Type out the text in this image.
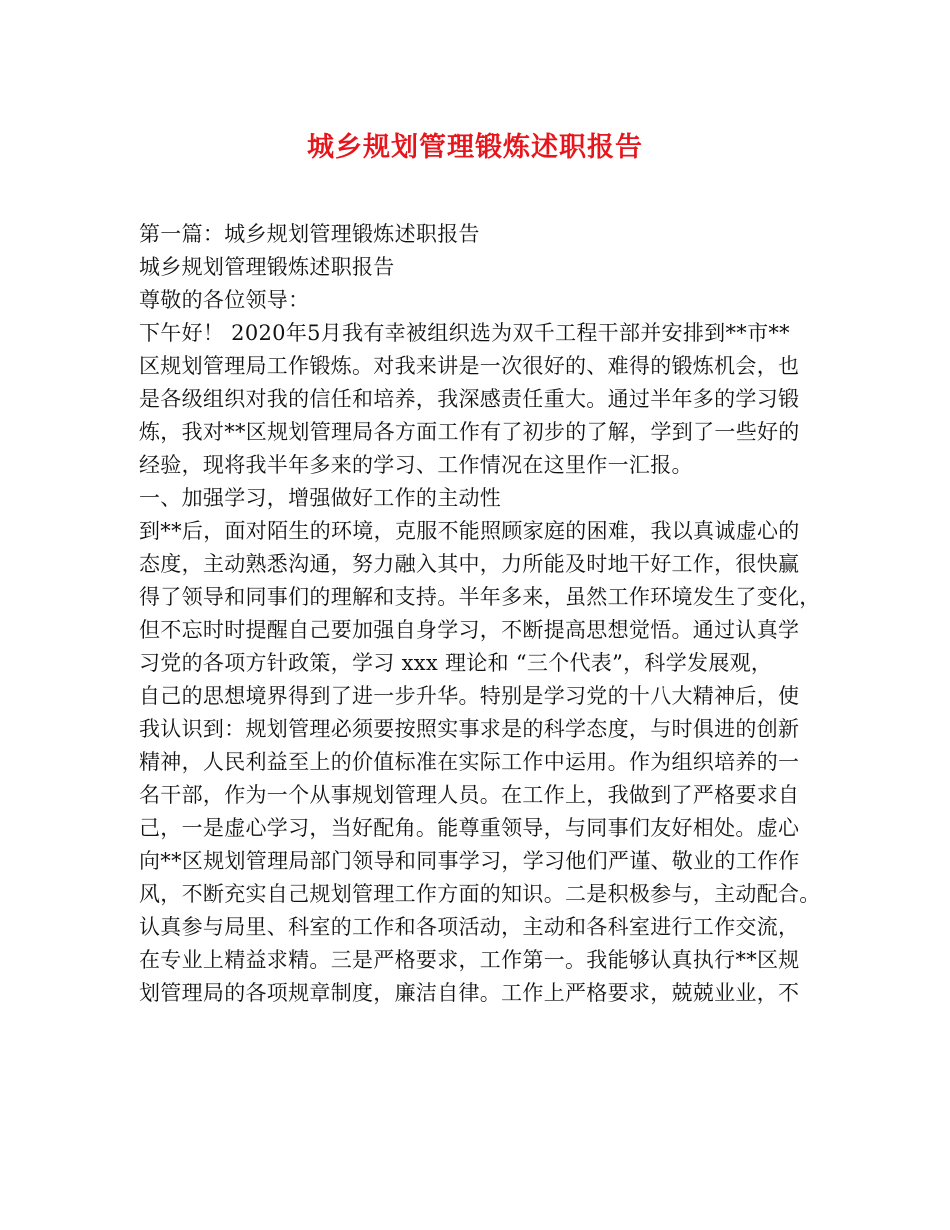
城乡规划管理锻炼述职报告
第一篇：城乡规划管理锻炼述职报告
城乡规划管理锻炼述职报告
尊敬的各位领导：
下午好！ 2020年5月我有幸被组织选为双千工程干部并安排到**市**
区规划管理局工作锻炼。对我来讲是一次很好的、难得的锻炼机会，也
是各级组织对我的信任和培养，我深感责任重大。通过半年多的学习锻
炼，我对**区规划管理局各方面工作有了初步的了解，学到了一些好的
经验，现将我半年多来的学习、工作情况在这里作一汇报。
一、加强学习，增强做好工作的主动性
到**后，面对陌生的环境，克服不能照顾家庭的困难，我以真诚虚心的
态度，主动熟悉沟通，努力融入其中，力所能及时地干好工作，很快赢
得了领导和同事们的理解和支持。半年多来，虽然工作环境发生了变化，
但不忘时时提醒自己要加强自身学习，不断提高思想觉悟。通过认真学
习党的各项方针政策，学习 xxx 理论和 “三个代表”，科学发展观，
自己的思想境界得到了进一步升华。特别是学习党的十八大精神后，使
我认识到：规划管理必须要按照实事求是的科学态度，与时俱进的创新
精神，人民利益至上的价值标准在实际工作中运用。作为组织培养的一
名干部，作为一个从事规划管理人员。在工作上，我做到了严格要求自
己，一是虚心学习，当好配角。能尊重领导，与同事们友好相处。虚心
向**区规划管理局部门领导和同事学习，学习他们严谨、敬业的工作作
风，不断充实自己规划管理工作方面的知识。二是积极参与，主动配合。
认真参与局里、科室的工作和各项活动，主动和各科室进行工作交流，
在专业上精益求精。三是严格要求，工作第一。我能够认真执行**区规
划管理局的各项规章制度，廉洁自律。工作上严格要求，兢兢业业，不
